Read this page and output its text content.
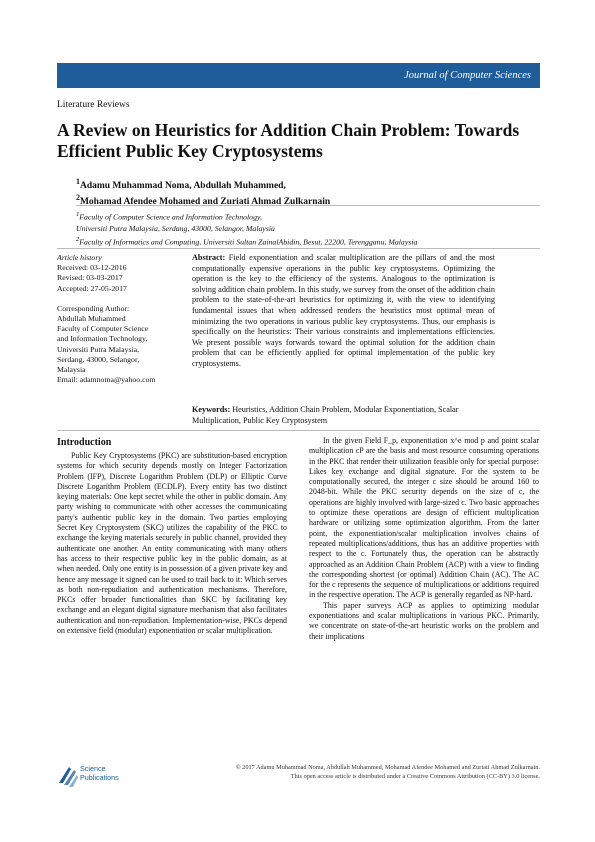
Journal of Computer Sciences
Literature Reviews
A Review on Heuristics for Addition Chain Problem: Towards Efficient Public Key Cryptosystems
$^1$Adamu Muhammad Noma, Abdullah Muhammed,
$^2$Mohamad Afendee Mohamed and Zuriati Ahmad Zulkarnain
$^1$Faculty of Computer Science and Information Technology,
Universiti Putra Malaysia, Serdang, 43000, Selangor, Malaysia
$^2$Faculty of Informatics and Computing, Universiti Sultan ZainalAbidin, Besut, 22200, Terengganu, Malaysia
Article history
Received: 03-12-2016
Revised: 03-03-2017
Accepted: 27-05-2017
Corresponding Author:
Abdullah Muhammed
Faculty of Computer Science
and Information Technology,
Universiti Putra Malaysia,
Serdang, 43000, Selangor,
Malaysia
Email: adamnoma@yahoo.com

Abstract: Field exponentiation and scalar multiplication are the pillars of and the most computationally expensive operations in the public key cryptosystems. Optimizing the operation is the key to the efficiency of the systems. Analogous to the optimization is solving addition chain problem. In this study, we survey from the onset of the addition chain problem to the state-of-the-art heuristics for optimizing it, with the view to identifying fundamental issues that when addressed renders the heuristics most optimal mean of minimizing the two operations in various public key cryptosystems. Thus, our emphasis is specifically on the heuristics: Their various constraints and implementations efficiencies. We present possible ways forwards toward the optimal solution for the addition chain problem that can be efficiently applied for optimal implementation of the public key cryptosystems.

Keywords: Heuristics, Addition Chain Problem, Modular Exponentiation, Scalar Multiplication, Public Key Cryptosystem

Introduction

Public Key Cryptosystems (PKC) are substitution-based encryption systems for which security depends mostly on Integer Factorization Problem (IFP), Discrete Logarithm Problem (DLP) or Elliptic Curve Discrete Logarithm Problem (ECDLP). Every entity has two distinct keying materials: One kept secret while the other in public domain. Any party wishing to communicate with other accesses the communicating party's authentic public key in the domain. Two parties employing Secret Key Cryptosystem (SKC) utilizes the capability of the PKC to exchange the keying materials securely in public channel, provided they authenticate one another. An entity communicating with many others has access to their respective public key in the public domain, as at when needed. Only one entity is in possession of a given private key and hence any message it signed can be used to trail back to it: Which serves as both non-repudiation and authentication mechanisms. Therefore, PKCs offer broader functionalities than SKC by facilitating key exchange and an elegant digital signature mechanism that also facilitates authentication and non-repudiation. Implementation-wise, PKCs depend on extensive field (modular) exponentiation or scalar multiplication.

In the given Field F_p, exponentiation x^e mod p and point scalar multiplication cP are the basis and most resource consuming operations in the PKC that render their utilization feasible only for special purpose: Likes key exchange and digital signature. For the system to be computationally secured, the integer c size should be around 160 to 2048-bit. While the PKC security depends on the size of c, the operations are highly involved with large-sized c. Two basic approaches to optimize these operations are design of efficient multiplication hardware or utilizing some optimization algorithm. From the latter point, the exponentiation/scalar multiplication involves chains of repeated multiplications/additions, thus has an additive properties with respect to the c. Fortunately thus, the operation can be abstractly approached as an Addition Chain Problem (ACP) with a view to finding the corresponding shortest (or optimal) Addition Chain (AC). The AC for the c represents the sequence of multiplications or additions required in the respective operation. The ACP is generally regarded as NP-hard.

This paper surveys ACP as applies to optimizing modular exponentiations and scalar multiplications in various PKC. Primarily, we concentrate on state-of-the-art heuristic works on the problem and their implications

Science
Publications
© 2017 Adamu Muhammad Noma, Abdullah Muhammed, Mohamad Afendee Mohamed and Zuriati Ahmad Zulkarnain.
This open access article is distributed under a Creative Commons Attribution (CC-BY) 3.0 license.
